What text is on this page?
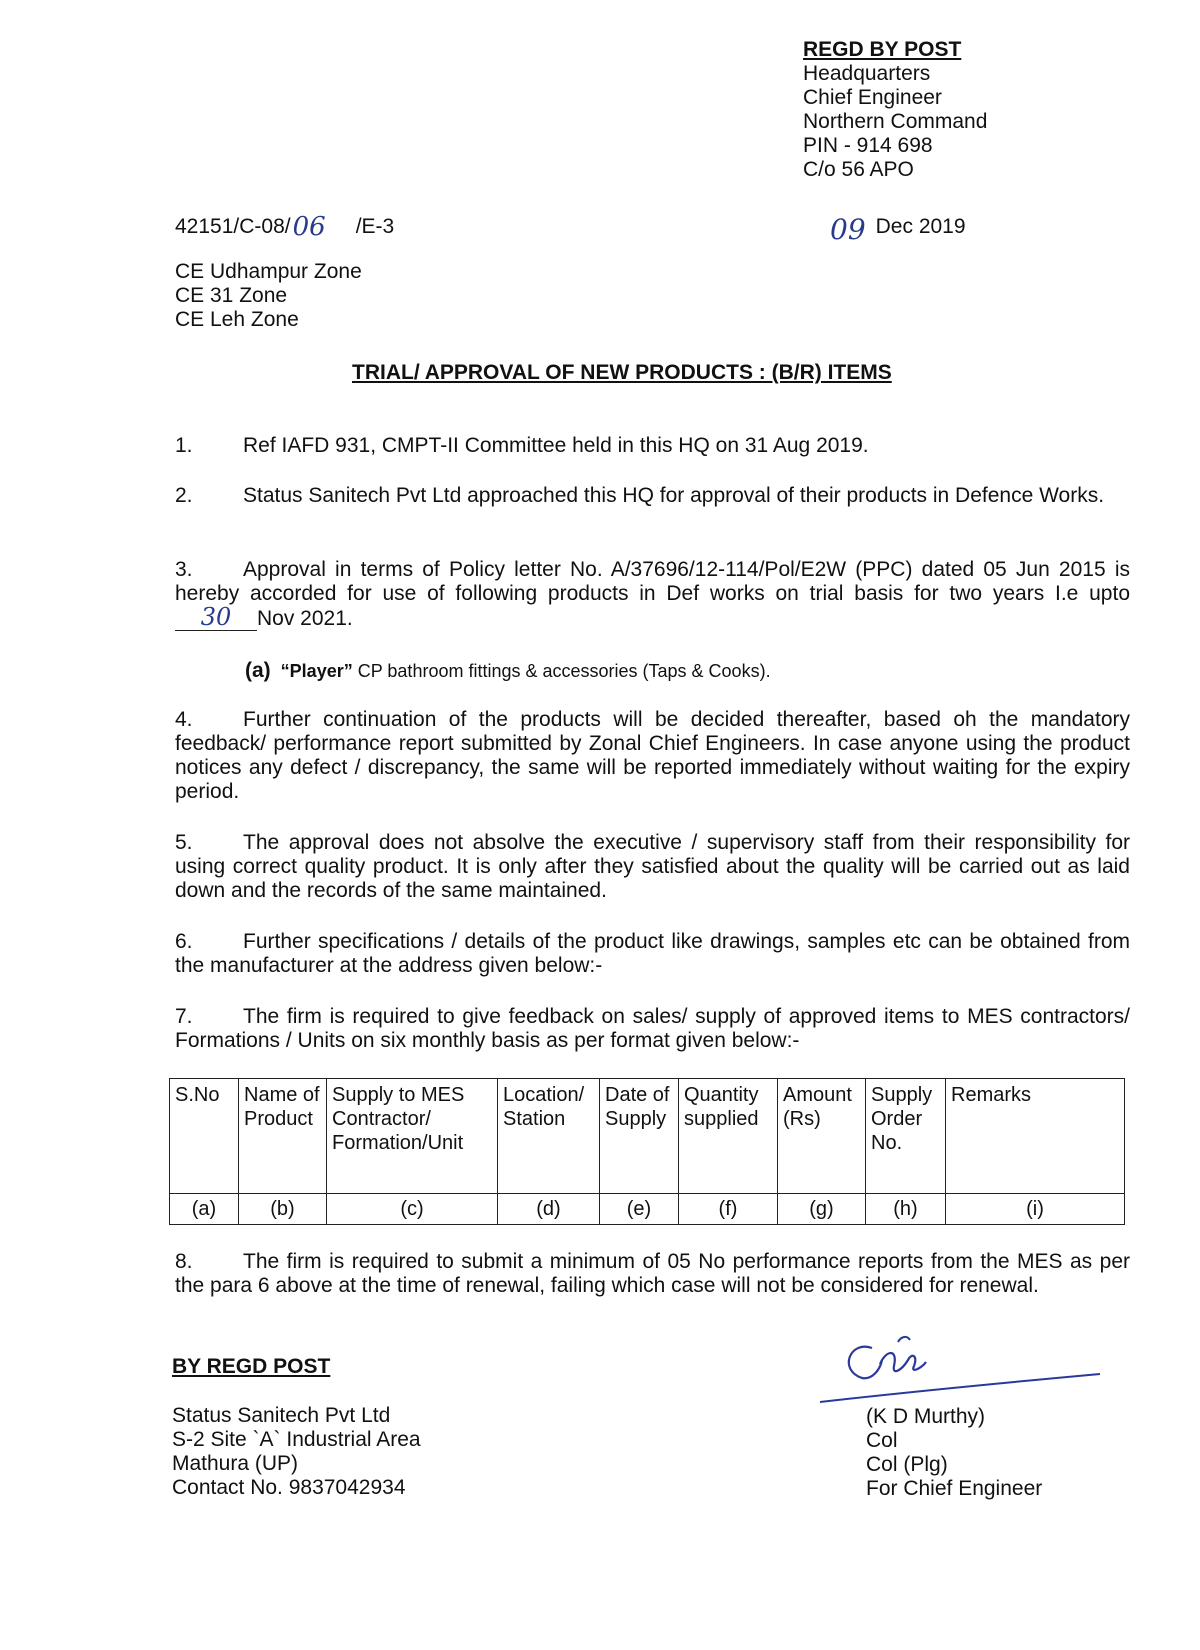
REGD BY POST
Headquarters
Chief Engineer
Northern Command
PIN - 914 698
C/o 56 APO
42151/C-08/06 /E-3	09 Dec 2019
CE Udhampur Zone
CE 31 Zone
CE Leh Zone
TRIAL/ APPROVAL OF NEW PRODUCTS : (B/R) ITEMS
1. Ref IAFD 931, CMPT-II Committee held in this HQ on 31 Aug 2019.
2. Status Sanitech Pvt Ltd approached this HQ for approval of their products in Defence Works.
3. Approval in terms of Policy letter No. A/37696/12-114/Pol/E2W (PPC) dated 05 Jun 2015 is hereby accorded for use of following products in Def works on trial basis for two years I.e upto 30 Nov 2021.
(a) “Player” CP bathroom fittings & accessories (Taps & Cooks).
4. Further continuation of the products will be decided thereafter, based oh the mandatory feedback/ performance report submitted by Zonal Chief Engineers. In case anyone using the product notices any defect / discrepancy, the same will be reported immediately without waiting for the expiry period.
5. The approval does not absolve the executive / supervisory staff from their responsibility for using correct quality product. It is only after they satisfied about the quality will be carried out as laid down and the records of the same maintained.
6. Further specifications / details of the product like drawings, samples etc can be obtained from the manufacturer at the address given below:-
7. The firm is required to give feedback on sales/ supply of approved items to MES contractors/ Formations / Units on six monthly basis as per format given below:-
S.No	Name of Product	Supply to MES Contractor/ Formation/Unit	Location/ Station	Date of Supply	Quantity supplied	Amount (Rs)	Supply Order No.	Remarks
(a)	(b)	(c)	(d)	(e)	(f)	(g)	(h)	(i)
8. The firm is required to submit a minimum of 05 No performance reports from the MES as per the para 6 above at the time of renewal, failing which case will not be considered for renewal.
BY REGD POST
Status Sanitech Pvt Ltd
S-2 Site `A` Industrial Area
Mathura (UP)
Contact No. 9837042934
(K D Murthy)
Col
Col (Plg)
For Chief Engineer
